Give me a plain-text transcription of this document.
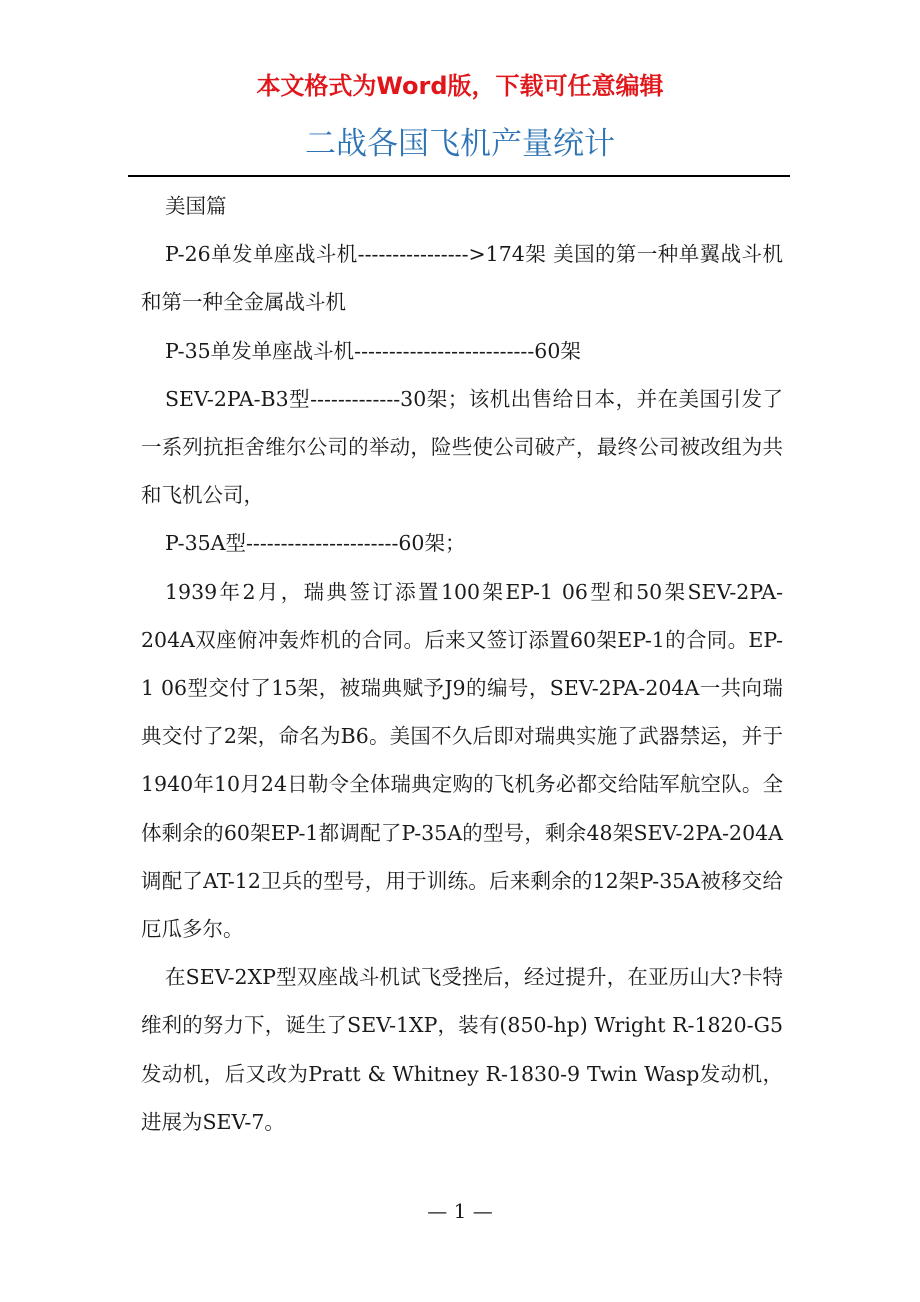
本文格式为Word版，下载可任意编辑
二战各国飞机产量统计

美国篇

P-26单发单座战斗机---------------->174架 美国的第一种单翼战斗机和第一种全金属战斗机

P-35单发单座战斗机--------------------------60架

SEV-2PA-B3型-------------30架；该机出售给日本，并在美国引发了一系列抗拒舍维尔公司的举动，险些使公司破产，最终公司被改组为共和飞机公司，

P-35A型----------------------60架；

1939年2月，瑞典签订添置100架EP-1 06型和50架SEV-2PA-204A双座俯冲轰炸机的合同。后来又签订添置60架EP-1的合同。EP-1 06型交付了15架，被瑞典赋予J9的编号，SEV-2PA-204A一共向瑞典交付了2架，命名为B6。美国不久后即对瑞典实施了武器禁运，并于1940年10月24日勒令全体瑞典定购的飞机务必都交给陆军航空队。全体剩余的60架EP-1都调配了P-35A的型号，剩余48架SEV-2PA-204A调配了AT-12卫兵的型号，用于训练。后来剩余的12架P-35A被移交给厄瓜多尔。

在SEV-2XP型双座战斗机试飞受挫后，经过提升，在亚历山大?卡特维利的努力下，诞生了SEV-1XP，装有(850-hp) Wright R-1820-G5发动机，后又改为Pratt & Whitney R-1830-9 Twin Wasp发动机，进展为SEV-7。

— 1 —
